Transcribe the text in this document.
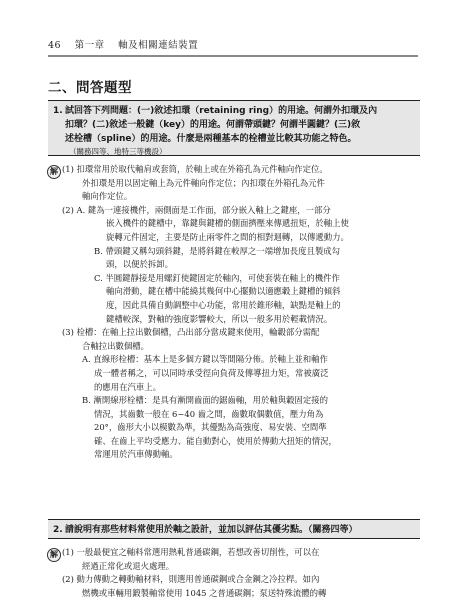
46 第一章 軸及相關連結裝置
二、問答題型
1. 試回答下列問題：(一)敘述扣環（retaining ring）的用途。何謂外扣環及內
扣環？(二)敘述一般鍵（key）的用途。何謂帶頭鍵？何謂半圓鍵？(三)敘
述栓槽（spline）的用途。什麼是兩種基本的栓槽並比較其功能之特色。
（關務四等、地特三等機設）
解 (1) 扣環常用於取代軸肩或套筒，於軸上或在外箱孔為元件軸向作定位。
外扣環是用以固定軸上為元件軸向作定位；內扣環在外箱孔為元件
軸向作定位。
(2) A. 鍵為一連接機件，兩側面是工作面，部分嵌入軸上之鍵座，一部分
嵌入機件的鍵槽中，靠鍵與鍵槽的側面擠壓來傳遞扭矩，於軸上使
旋轉元件固定，主要是防止兩零件之間的相對迴轉，以傳遞動力。
B. 帶頭鍵又稱勾頭斜鍵，是將斜鍵在較厚之一端增加長度且製成勾
頭，以便於拆卸。
C. 半圓鍵靜接是用螺釘使鍵固定於軸內，可使套裝在軸上的機件作
軸向滑動，鍵在槽中能繞其幾何中心擺動以適應轂上鍵槽的傾斜
度，因此具備自動調整中心功能，常用於錐形軸，缺點是軸上的
鍵槽較深，對軸的強度影響較大，所以一般多用於輕載情況。
(3) 栓槽：在軸上拉出數個槽，凸出部分當成鍵來使用，輪轂部分需配
合軸拉出數個槽。
A. 直線形栓槽：基本上是多個方鍵以等間隔分佈。於軸上並和軸作
成一體者稱之，可以同時承受徑向負荷及傳導扭力矩，常被廣泛
的應用在汽車上。
B. 漸開線形栓槽：是具有漸開齒面的鋸齒軸，用於軸與轂固定接的
情況，其齒數一般在 6~40 齒之間，齒數取偶數值，壓力角為
20°，齒形大小以模數為準，其優點為高強度、易安裝、空間準
確、在齒上平均受應力、能自動對心，使用於傳動大扭矩的情況，
常運用於汽車傳動軸。
2. 請說明有那些材料常使用於軸之設計，並加以評估其優劣點。（關務四等）
解 (1) 一般最便宜之軸料常選用熱軋普通碳鋼，若想改善切削性，可以在
經過正常化或退火處理。
(2) 動力傳動之轉動軸材料，則選用普通碳鋼或合金鋼之冷拉桿。如內
燃機或車輛用鍛製軸常使用 1045 之普通碳鋼；泵送特殊流體的轉
